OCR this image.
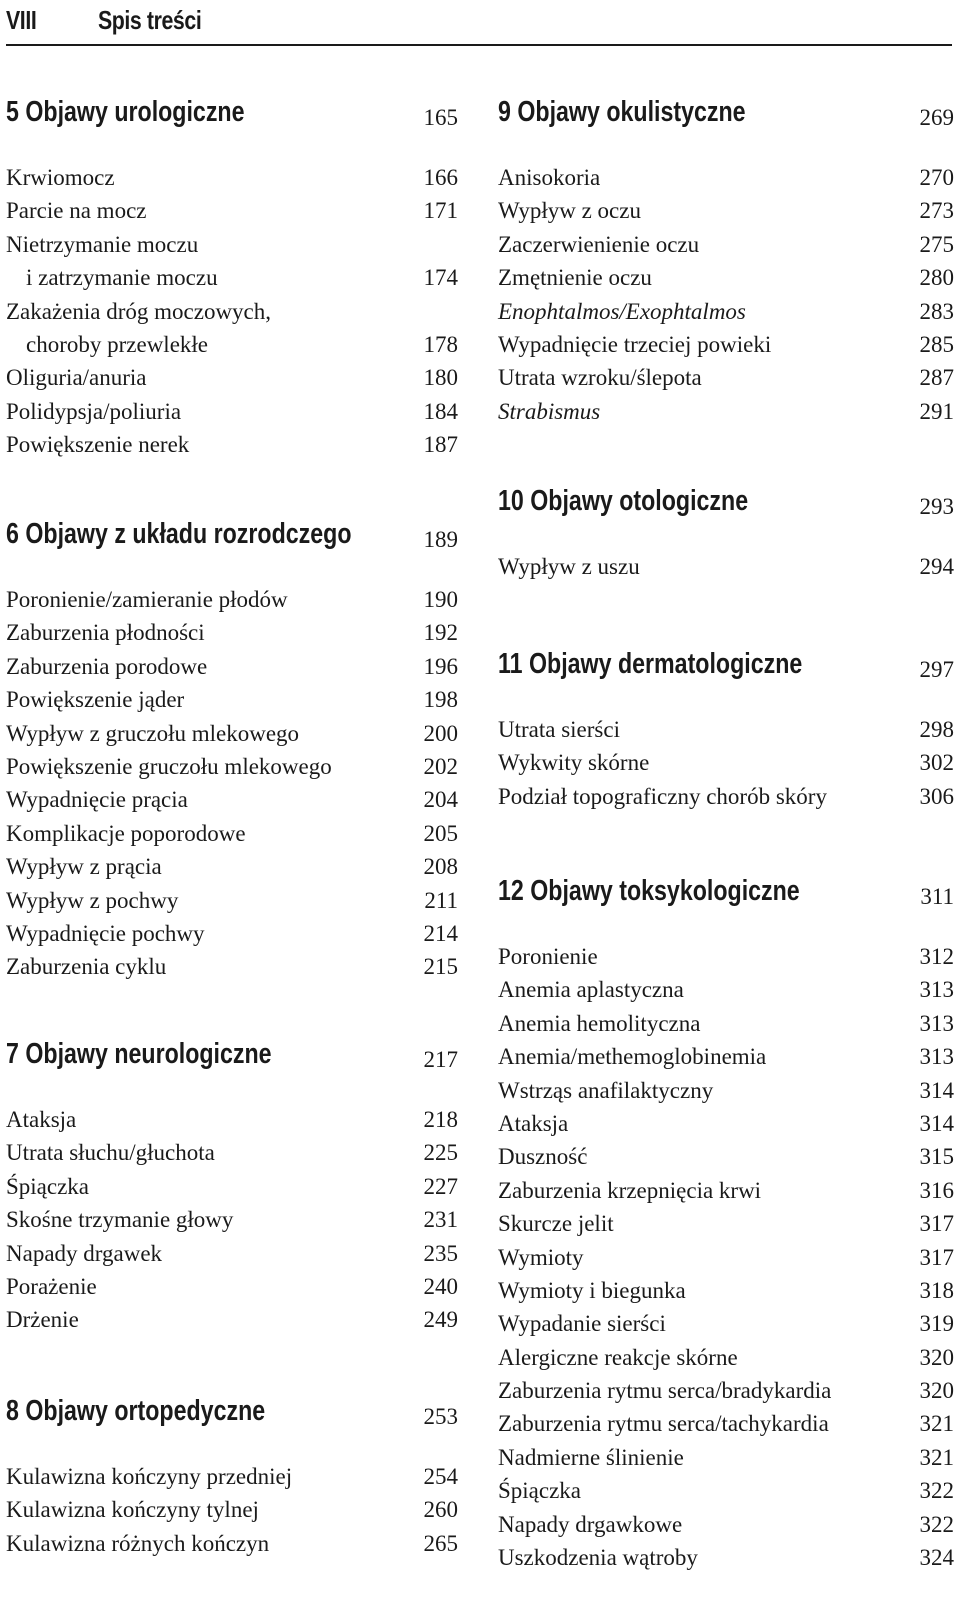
VIII Spis treści
5 Objawy urologiczne	165
Krwiomocz	166
Parcie na mocz	171
Nietrzymanie moczu
i zatrzymanie moczu	174
Zakażenia dróg moczowych,
choroby przewlekłe	178
Oliguria/anuria	180
Polidypsja/poliuria	184
Powiększenie nerek	187
6 Objawy z układu rozrodczego	189
Poronienie/zamieranie płodów	190
Zaburzenia płodności	192
Zaburzenia porodowe	196
Powiększenie jąder	198
Wypływ z gruczołu mlekowego	200
Powiększenie gruczołu mlekowego	202
Wypadnięcie prącia	204
Komplikacje poporodowe	205
Wypływ z prącia	208
Wypływ z pochwy	211
Wypadnięcie pochwy	214
Zaburzenia cyklu	215
7 Objawy neurologiczne	217
Ataksja	218
Utrata słuchu/głuchota	225
Śpiączka	227
Skośne trzymanie głowy	231
Napady drgawek	235
Porażenie	240
Drżenie	249
8 Objawy ortopedyczne	253
Kulawizna kończyny przedniej	254
Kulawizna kończyny tylnej	260
Kulawizna różnych kończyn	265
9 Objawy okulistyczne	269
Anisokoria	270
Wypływ z oczu	273
Zaczerwienienie oczu	275
Zmętnienie oczu	280
Enophtalmos/Exophtalmos	283
Wypadnięcie trzeciej powieki	285
Utrata wzroku/ślepota	287
Strabismus	291
10 Objawy otologiczne	293
Wypływ z uszu	294
11 Objawy dermatologiczne	297
Utrata sierści	298
Wykwity skórne	302
Podział topograficzny chorób skóry	306
12 Objawy toksykologiczne	311
Poronienie	312
Anemia aplastyczna	313
Anemia hemolityczna	313
Anemia/methemoglobinemia	313
Wstrząs anafilaktyczny	314
Ataksja	314
Duszność	315
Zaburzenia krzepnięcia krwi	316
Skurcze jelit	317
Wymioty	317
Wymioty i biegunka	318
Wypadanie sierści	319
Alergiczne reakcje skórne	320
Zaburzenia rytmu serca/bradykardia	320
Zaburzenia rytmu serca/tachykardia	321
Nadmierne ślinienie	321
Śpiączka	322
Napady drgawkowe	322
Uszkodzenia wątroby	324
